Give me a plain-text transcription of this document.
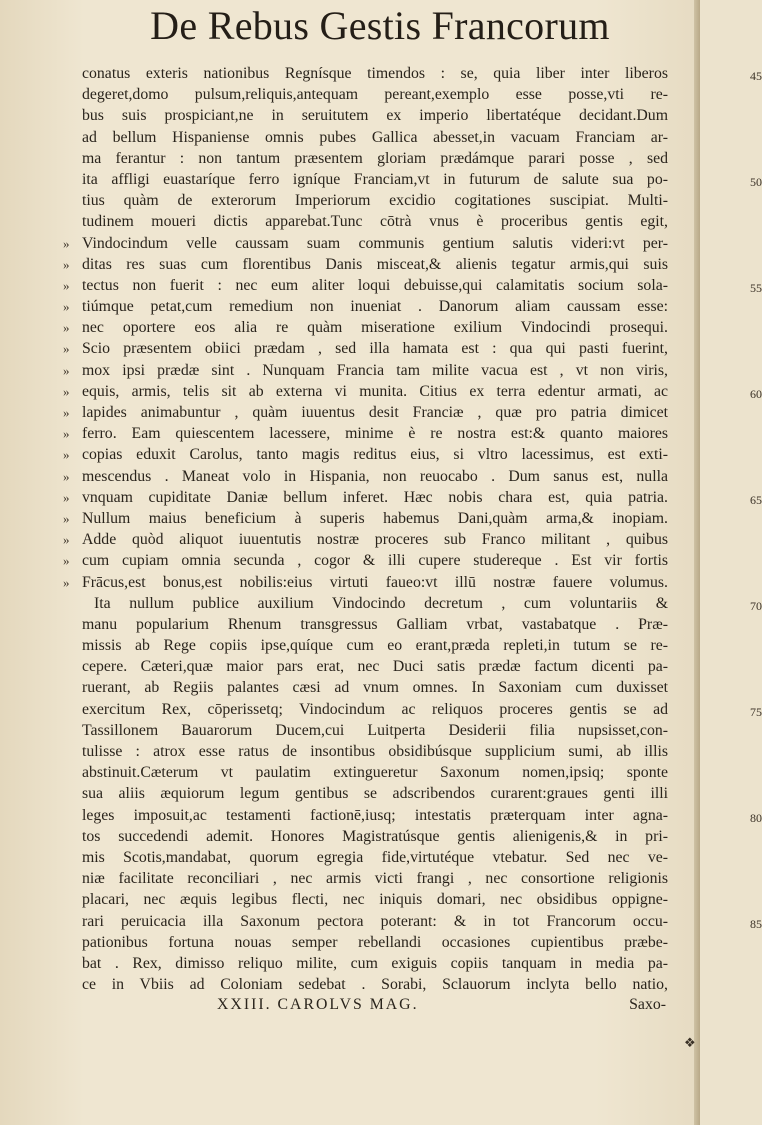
De Rebus Gestis Francorum
conatus exteris nationibus Regnísque timendos : se, quia liber inter liberos	45
degeret,domo pulsum,reliquis,antequam pereant,exemplo esse posse,vti re-
bus suis prospiciant,ne in seruitutem ex imperio libertatéque decidant.Dum
ad bellum Hispaniense omnis pubes Gallica abesset,in vacuam Franciam ar-
ma ferantur : non tantum præsentem gloriam prædámque parari posse , sed
ita affligi euastaríque ferro igníque Franciam,vt in futurum de salute sua po-	50
tius quàm de exterorum Imperiorum excidio cogitationes suscipiat. Multi-
tudinem moueri dictis apparebat.Tunc cōtrà vnus è proceribus gentis egit,
» Vindocindum velle caussam suam communis gentium salutis videri:vt per-
» ditas res suas cum florentibus Danis misceat,& alienis tegatur armis,qui suis
» tectus non fuerit : nec eum aliter loqui debuisse,qui calamitatis socium sola-	55
» tiúmque petat,cum remedium non inueniat . Danorum aliam caussam esse:
» nec oportere eos alia re quàm miseratione exilium Vindocindi prosequi.
» Scio præsentem obiici prædam , sed illa hamata est : qua qui pasti fuerint,
» mox ipsi prædæ sint . Nunquam Francia tam milite vacua est , vt non viris,
» equis, armis, telis sit ab externa vi munita. Citius ex terra edentur armati, ac	60
» lapides animabuntur , quàm iuuentus desit Franciæ , quæ pro patria dimicet
» ferro. Eam quiescentem lacessere, minime è re nostra est:& quanto maiores
» copias eduxit Carolus, tanto magis reditus eius, si vltro lacessimus, est exti-
» mescendus . Maneat volo in Hispania, non reuocabo . Dum sanus est, nulla
» vnquam cupiditate Daniæ bellum inferet. Hæc nobis chara est, quia patria.	65
» Nullum maius beneficium à superis habemus Dani,quàm arma,& inopiam.
» Adde quòd aliquot iuuentutis nostræ proceres sub Franco militant , quibus
» cum cupiam omnia secunda , cogor & illi cupere studereque . Est vir fortis
» Frācus,est bonus,est nobilis:eius virtuti faueo:vt illū nostræ fauere volumus.
Ita nullum publice auxilium Vindocindo decretum , cum voluntariis &	70
manu popularium Rhenum transgressus Galliam vrbat, vastabatque . Præ-
missis ab Rege copiis ipse,quíque cum eo erant,præda repleti,in tutum se re-
cepere. Cæteri,quæ maior pars erat, nec Duci satis prædæ factum dicenti pa-
ruerant, ab Regiis palantes cæsi ad vnum omnes. In Saxoniam cum duxisset
exercitum Rex, cōperissetq; Vindocindum ac reliquos proceres gentis se ad	75
Tassillonem Bauarorum Ducem,cui Luitperta Desiderii filia nupsisset,con-
tulisse : atrox esse ratus de insontibus obsidibúsque supplicium sumi, ab illis
abstinuit.Cæterum vt paulatim extingueretur Saxonum nomen,ipsiq; sponte
sua aliis æquiorum legum gentibus se adscribendos curarent:graues genti illi
leges imposuit,ac testamenti factionē,iusq; intestatis præterquam inter agna-	80
tos succedendi ademit. Honores Magistratúsque gentis alienigenis,& in pri-
mis Scotis,mandabat, quorum egregia fide,virtutéque vtebatur. Sed nec ve-
niæ facilitate reconciliari , nec armis victi frangi , nec consortione religionis
placari, nec æquis legibus flecti, nec iniquis domari, nec obsidibus oppigne-
rari peruicacia illa Saxonum pectora poterant: & in tot Francorum occu-	85
pationibus fortuna nouas semper rebellandi occasiones cupientibus præbe-
bat . Rex, dimisso reliquo milite, cum exiguis copiis tanquam in media pa-
ce in Vbiis ad Coloniam sedebat . Sorabi, Sclauorum inclyta bello natio,
XXIII. CAROLVS MAG.	Saxo-
❖
